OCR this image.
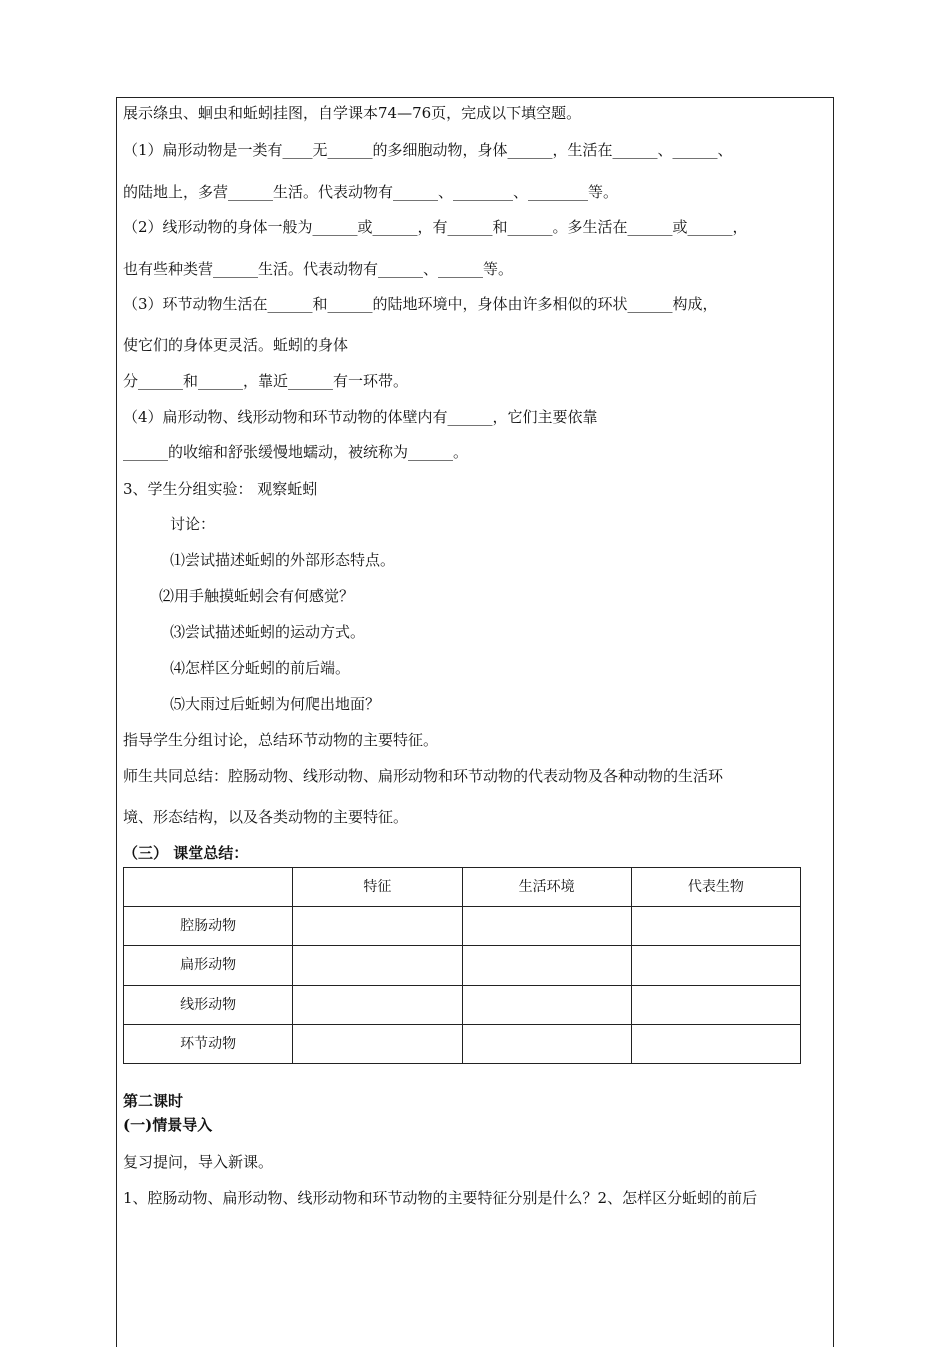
展示绦虫、蛔虫和蚯蚓挂图，自学课本74—76页，完成以下填空题。
（1）扁形动物是一类有____无______的多细胞动物，身体______，生活在______、______、
的陆地上，多营______生活。代表动物有______、________、________等。
（2）线形动物的身体一般为______或______，有______和______。多生活在______或______，
也有些种类营______生活。代表动物有______、______等。
（3）环节动物生活在______和______的陆地环境中，身体由许多相似的环状______构成，
使它们的身体更灵活。蚯蚓的身体
分______和______，靠近______有一环带。
（4）扁形动物、线形动物和环节动物的体壁内有______，它们主要依靠
______的收缩和舒张缓慢地蠕动，被统称为______。
3、学生分组实验： 观察蚯蚓
讨论：
⑴尝试描述蚯蚓的外部形态特点。
⑵用手触摸蚯蚓会有何感觉？
⑶尝试描述蚯蚓的运动方式。
⑷怎样区分蚯蚓的前后端。
⑸大雨过后蚯蚓为何爬出地面？
指导学生分组讨论，总结环节动物的主要特征。
师生共同总结：腔肠动物、线形动物、扁形动物和环节动物的代表动物及各种动物的生活环
境、形态结构，以及各类动物的主要特征。
（三） 课堂总结：
	特征	生活环境	代表生物
腔肠动物			
扁形动物			
线形动物			
环节动物			
第二课时
(一)情景导入
复习提问，导入新课。
1、腔肠动物、扁形动物、线形动物和环节动物的主要特征分别是什么？2、怎样区分蚯蚓的前后
